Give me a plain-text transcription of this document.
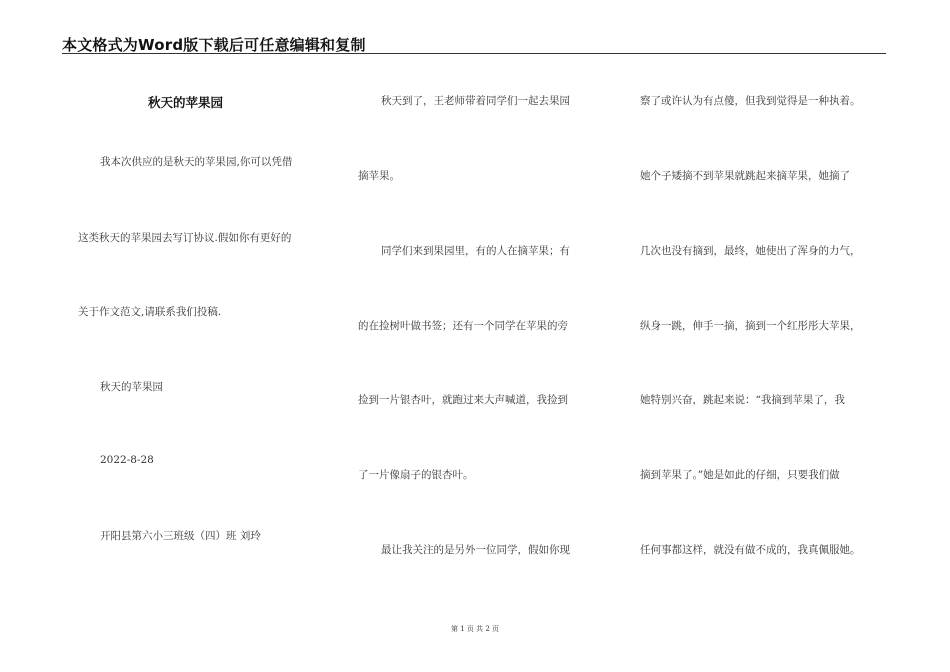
本文格式为Word版下载后可任意编辑和复制
秋天的苹果园
我本次供应的是秋天的苹果园,你可以凭借
这类秋天的苹果园去写订协议.假如你有更好的
关于作文范文,请联系我们投稿.
秋天的苹果园
2022-8-28
开阳县第六小三班级（四）班 刘玲
秋天到了，王老师带着同学们一起去果园
摘苹果。
同学们来到果园里，有的人在摘苹果；有
的在捡树叶做书签；还有一个同学在苹果的旁
捡到一片银杏叶，就跑过来大声喊道，我捡到
了一片像扇子的银杏叶。
最让我关注的是另外一位同学，假如你现
察了或许认为有点傻，但我到觉得是一种执着。
她个子矮摘不到苹果就跳起来摘苹果，她摘了
几次也没有摘到，最终，她使出了浑身的力气，
纵身一跳，伸手一摘，摘到一个红彤彤大苹果，
她特别兴奋，跳起来说：“我摘到苹果了，我
摘到苹果了。”她是如此的仔细，只要我们做
任何事都这样，就没有做不成的，我真佩服她。
第 1 页 共 2 页
